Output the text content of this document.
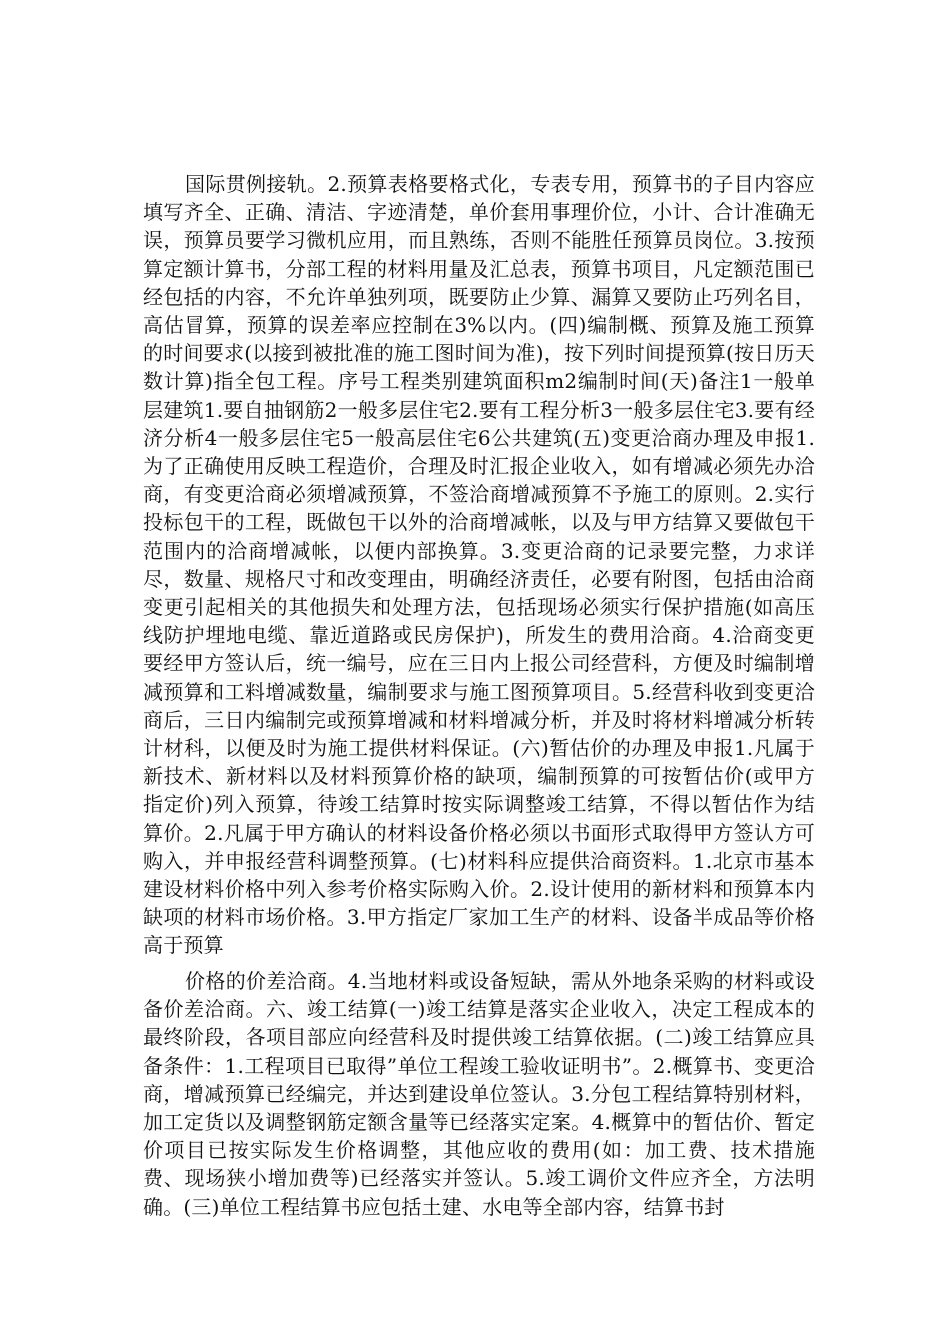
国际贯例接轨。2.预算表格要格式化，专表专用，预算书的子目内容应填写齐全、正确、清洁、字迹清楚，单价套用事理价位，小计、合计准确无误，预算员要学习微机应用，而且熟练，否则不能胜任预算员岗位。3.按预算定额计算书，分部工程的材料用量及汇总表，预算书项目，凡定额范围已经包括的内容，不允许单独列项，既要防止少算、漏算又要防止巧列名目，高估冒算，预算的误差率应控制在3%以内。(四)编制概、预算及施工预算的时间要求(以接到被批准的施工图时间为准)，按下列时间提预算(按日历天数计算)指全包工程。序号工程类别建筑面积m2编制时间(天)备注1一般单层建筑1.要自抽钢筋2一般多层住宅2.要有工程分析3一般多层住宅3.要有经济分析4一般多层住宅5一般高层住宅6公共建筑(五)变更洽商办理及申报1.为了正确使用反映工程造价，合理及时汇报企业收入，如有增减必须先办洽商，有变更洽商必须增减预算，不签洽商增减预算不予施工的原则。2.实行投标包干的工程，既做包干以外的洽商增减帐，以及与甲方结算又要做包干范围内的洽商增减帐，以便内部换算。3.变更洽商的记录要完整，力求详尽，数量、规格尺寸和改变理由，明确经济责任，必要有附图，包括由洽商变更引起相关的其他损失和处理方法，包括现场必须实行保护措施(如高压线防护埋地电缆、靠近道路或民房保护)，所发生的费用洽商。4.洽商变更要经甲方签认后，统一编号，应在三日内上报公司经营科，方便及时编制增减预算和工料增减数量，编制要求与施工图预算项目。5.经营科收到变更洽商后，三日内编制完或预算增减和材料增减分析，并及时将材料增减分析转计材科，以便及时为施工提供材料保证。(六)暂估价的办理及申报1.凡属于新技术、新材料以及材料预算价格的缺项，编制预算的可按暂估价(或甲方指定价)列入预算，待竣工结算时按实际调整竣工结算，不得以暂估作为结算价。2.凡属于甲方确认的材料设备价格必须以书面形式取得甲方签认方可购入，并申报经营科调整预算。(七)材料科应提供洽商资料。1.北京市基本建设材料价格中列入参考价格实际购入价。2.设计使用的新材料和预算本内缺项的材料市场价格。3.甲方指定厂家加工生产的材料、设备半成品等价格高于预算

价格的价差洽商。4.当地材料或设备短缺，需从外地条采购的材料或设备价差洽商。六、竣工结算(一)竣工结算是落实企业收入，决定工程成本的最终阶段，各项目部应向经营科及时提供竣工结算依据。(二)竣工结算应具备条件：1.工程项目已取得”单位工程竣工验收证明书”。2.概算书、变更洽商，增减预算已经编完，并达到建设单位签认。3.分包工程结算特别材料，加工定货以及调整钢筋定额含量等已经落实定案。4.概算中的暂估价、暂定价项目已按实际发生价格调整，其他应收的费用(如：加工费、技术措施费、现场狭小增加费等)已经落实并签认。5.竣工调价文件应齐全，方法明确。(三)单位工程结算书应包括土建、水电等全部内容，结算书封
